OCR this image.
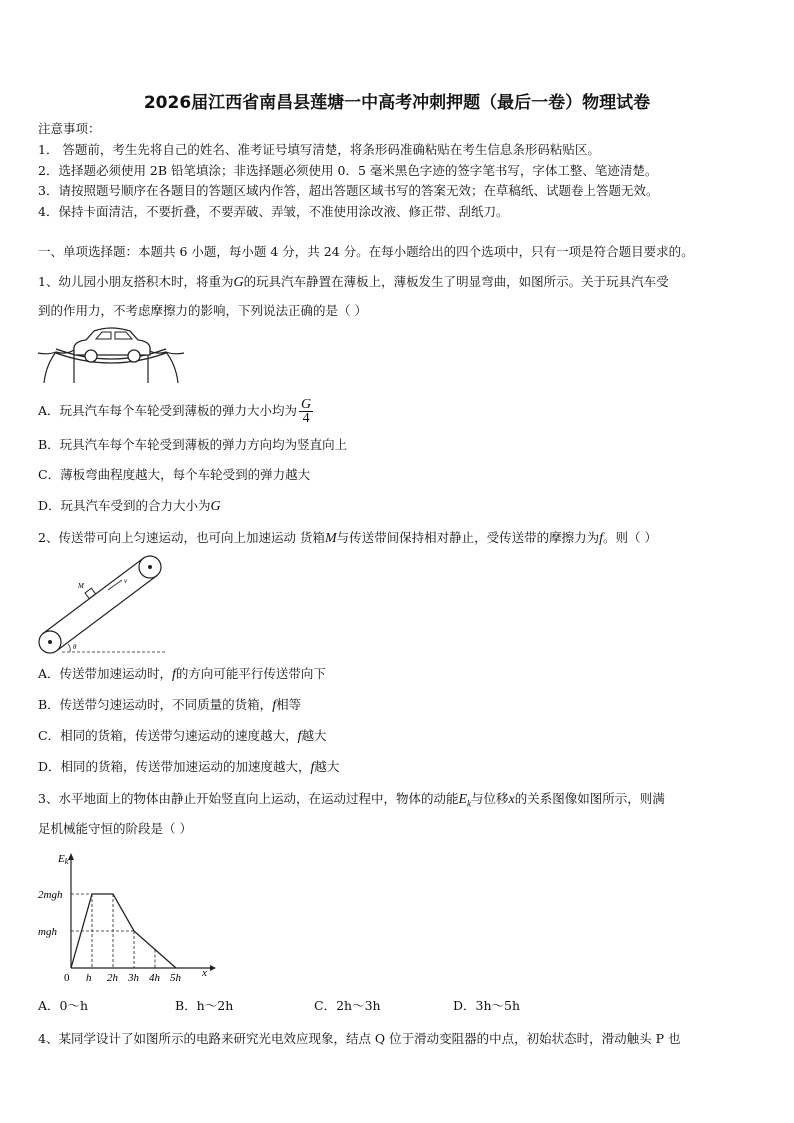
2026届江西省南昌县莲塘一中高考冲刺押题（最后一卷）物理试卷
注意事项：
1． 答题前，考生先将自己的姓名、准考证号填写清楚，将条形码准确粘贴在考生信息条形码粘贴区。
2．选择题必须使用 2B 铅笔填涂；非选择题必须使用 0．5 毫米黑色字迹的签字笔书写，字体工整、笔迹清楚。
3．请按照题号顺序在各题目的答题区域内作答，超出答题区域书写的答案无效；在草稿纸、试题卷上答题无效。
4．保持卡面清洁，不要折叠，不要弄破、弄皱，不准使用涂改液、修正带、刮纸刀。
一、单项选择题：本题共 6 小题，每小题 4 分，共 24 分。在每小题给出的四个选项中，只有一项是符合题目要求的。
1、幼儿园小朋友搭积木时，将重为G的玩具汽车静置在薄板上，薄板发生了明显弯曲，如图所示。关于玩具汽车受
到的作用力，不考虑摩擦力的影响，下列说法正确的是（ ）
A．玩具汽车每个车轮受到薄板的弹力大小均为 $\frac{G}{4}$
B．玩具汽车每个车轮受到薄板的弹力方向均为竖直向上
C．薄板弯曲程度越大，每个车轮受到的弹力越大
D．玩具汽车受到的合力大小为G
2、传送带可向上匀速运动，也可向上加速运动 货箱M与传送带间保持相对静止，受传送带的摩擦力为f。则（ ）
M
v
θ
A．传送带加速运动时，f的方向可能平行传送带向下
B．传送带匀速运动时，不同质量的货箱，f相等
C．相同的货箱，传送带匀速运动的速度越大，f越大
D．相同的货箱，传送带加速运动的加速度越大，f越大
3、水平地面上的物体由静止开始竖直向上运动，在运动过程中，物体的动能$E_k$与位移x的关系图像如图所示，则满
足机械能守恒的阶段是（ ）
Ek
x
0 h 2h 3h 4h 5h
mgh
2mgh
A．0～h	B．h～2h	C．2h～3h	D．3h～5h
4、某同学设计了如图所示的电路来研究光电效应现象，结点 Q 位于滑动变阻器的中点，初始状态时，滑动触头 P 也
